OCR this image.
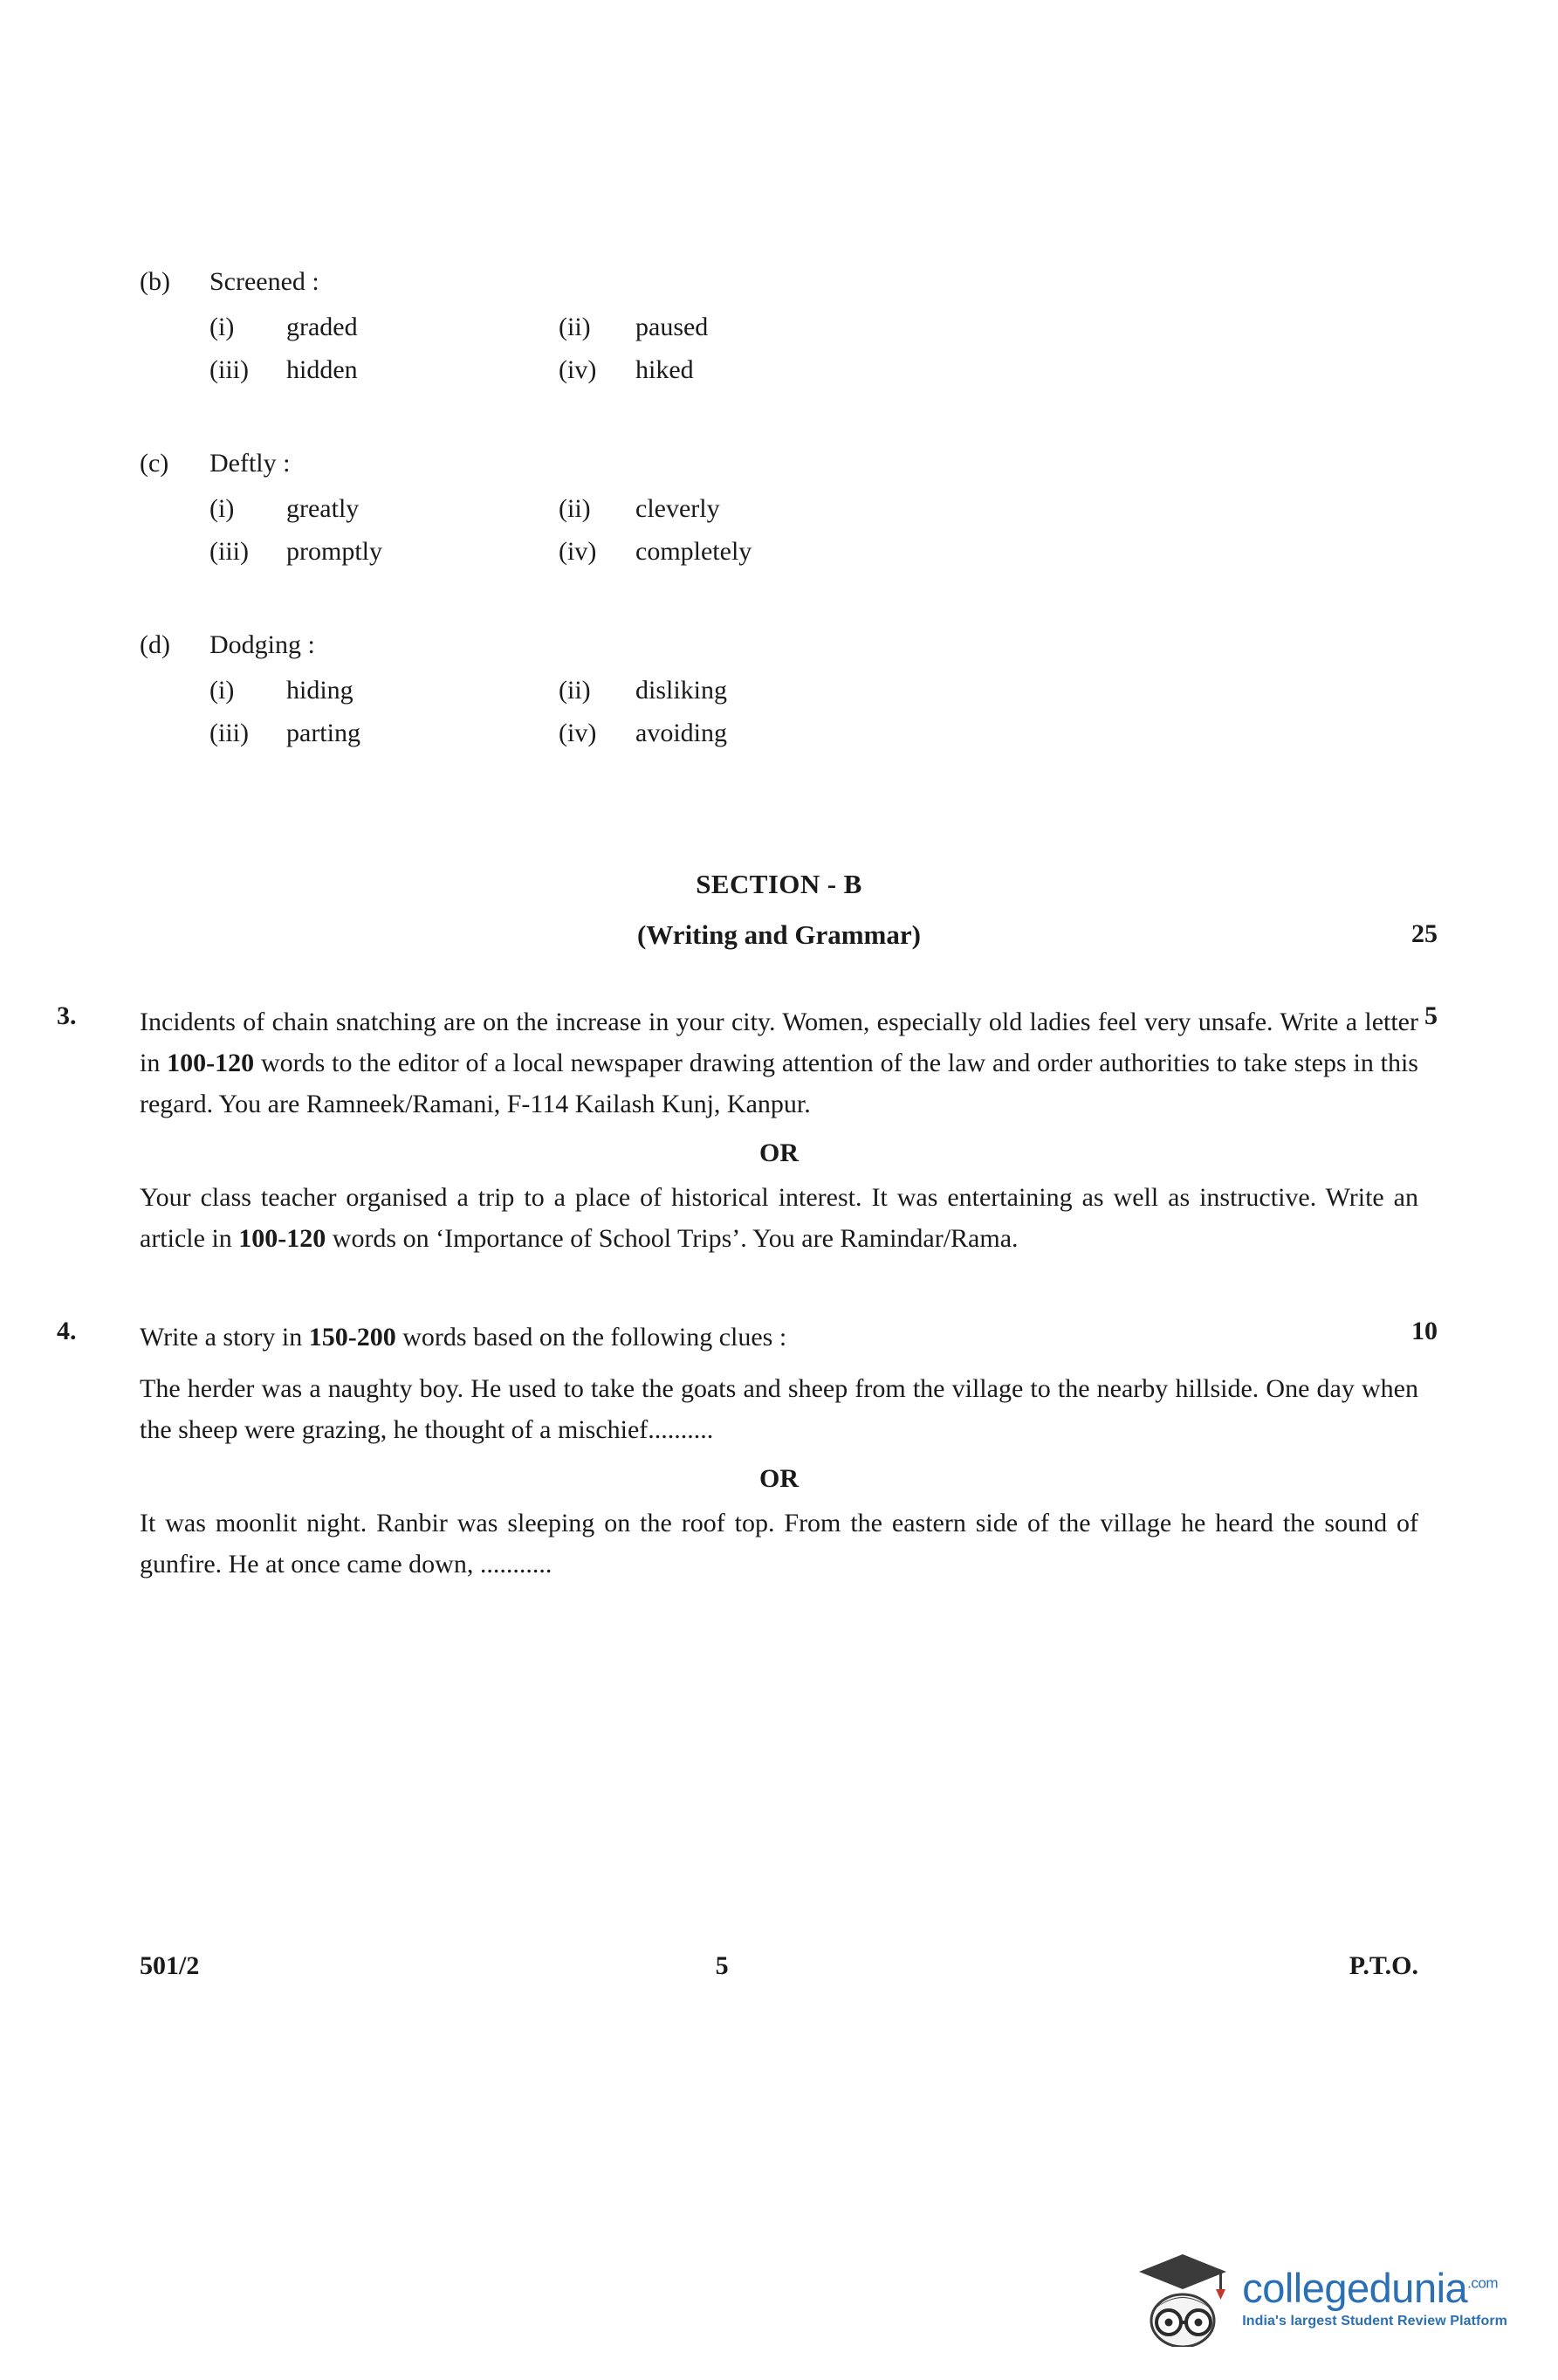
(b)	Screened :
(i)	graded	(ii)	paused
(iii)	hidden	(iv)	hiked
(c)	Deftly :
(i)	greatly	(ii)	cleverly
(iii)	promptly	(iv)	completely
(d)	Dodging :
(i)	hiding	(ii)	disliking
(iii)	parting	(iv)	avoiding
SECTION - B
(Writing and Grammar)	25
3.	5
Incidents of chain snatching are on the increase in your city. Women, especially old ladies feel very unsafe. Write a letter in 100-120 words to the editor of a local newspaper drawing attention of the law and order authorities to take steps in this regard. You are Ramneek/Ramani, F-114 Kailash Kunj, Kanpur.
OR
Your class teacher organised a trip to a place of historical interest. It was entertaining as well as instructive. Write an article in 100-120 words on ‘Importance of School Trips’. You are Ramindar/Rama.
4.	10
Write a story in 150-200 words based on the following clues :
The herder was a naughty boy. He used to take the goats and sheep from the village to the nearby hillside. One day when the sheep were grazing, he thought of a mischief..........
OR
It was moonlit night. Ranbir was sleeping on the roof top. From the eastern side of the village he heard the sound of gunfire. He at once came down, ...........
501/2	5	P.T.O.
collegedunia$^{.com}$
India's largest Student Review Platform
